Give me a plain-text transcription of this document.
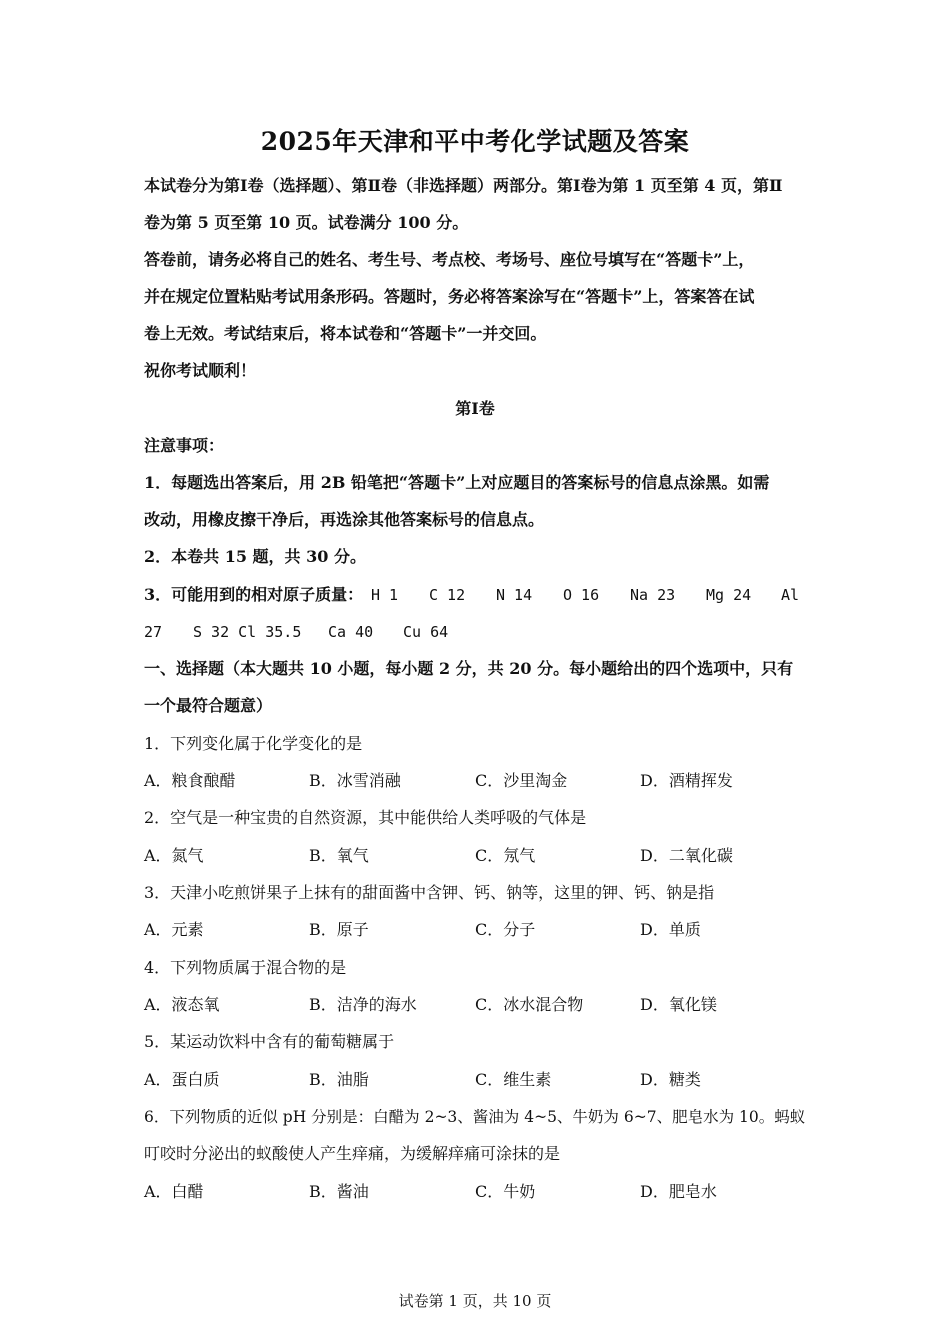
2025年天津和平中考化学试题及答案
本试卷分为第Ⅰ卷（选择题）、第Ⅱ卷（非选择题）两部分。第Ⅰ卷为第 1 页至第 4 页，第Ⅱ
卷为第 5 页至第 10 页。试卷满分 100 分。
答卷前，请务必将自己的姓名、考生号、考点校、考场号、座位号填写在“答题卡”上，
并在规定位置粘贴考试用条形码。答题时，务必将答案涂写在“答题卡”上，答案答在试
卷上无效。考试结束后，将本试卷和“答题卡”一并交回。
祝你考试顺利！
第Ⅰ卷
注意事项：
1．每题选出答案后，用 2B 铅笔把“答题卡”上对应题目的答案标号的信息点涂黑。如需
改动，用橡皮擦干净后，再选涂其他答案标号的信息点。
2．本卷共 15 题，共 30 分。
3．可能用到的相对原子质量： H 1 C 12 N 14 O 16 Na 23 Mg 24 Al
27 S 32 Cl 35.5 Ca 40 Cu 64
一、选择题（本大题共 10 小题，每小题 2 分，共 20 分。每小题给出的四个选项中，只有
一个最符合题意）
1．下列变化属于化学变化的是
A．粮食酿醋	B．冰雪消融	C．沙里淘金	D．酒精挥发
2．空气是一种宝贵的自然资源，其中能供给人类呼吸的气体是
A．氮气	B．氧气	C．氖气	D．二氧化碳
3．天津小吃煎饼果子上抹有的甜面酱中含钾、钙、钠等，这里的钾、钙、钠是指
A．元素	B．原子	C．分子	D．单质
4．下列物质属于混合物的是
A．液态氧	B．洁净的海水	C．冰水混合物	D．氧化镁
5．某运动饮料中含有的葡萄糖属于
A．蛋白质	B．油脂	C．维生素	D．糖类
6．下列物质的近似 pH 分别是：白醋为 2~3、酱油为 4~5、牛奶为 6~7、肥皂水为 10。蚂蚁
叮咬时分泌出的蚁酸使人产生痒痛，为缓解痒痛可涂抹的是
A．白醋	B．酱油	C．牛奶	D．肥皂水
试卷第 1 页，共 10 页
